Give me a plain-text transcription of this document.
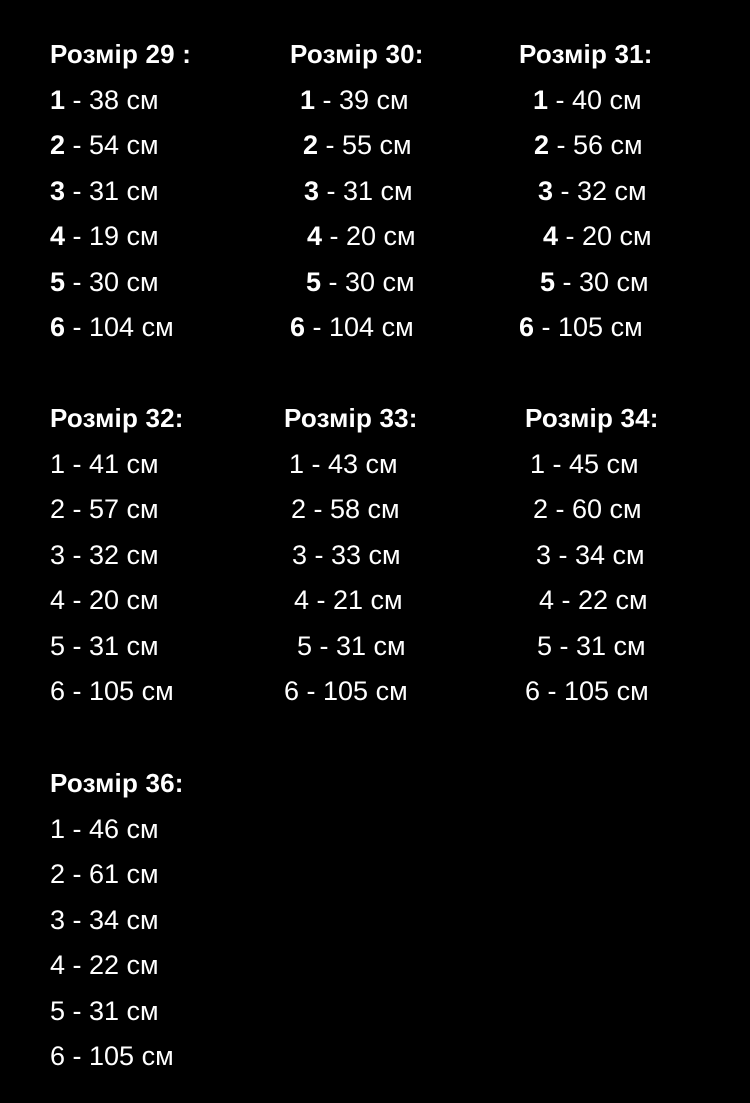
Розмір 29 :
1 - 38 см
2 - 54 см
3 - 31 см
4 - 19 см
5 - 30 см
6 - 104 см
Розмір 30:
1 - 39 см
2 - 55 см
3 - 31 см
4 - 20 см
5 - 30 см
6 - 104 см
Розмір 31:
1 - 40 см
2 - 56 см
3 - 32 см
4 - 20 см
5 - 30 см
6 - 105 см
Розмір 32:
1 - 41 см
2 - 57 см
3 - 32 см
4 - 20 см
5 - 31 см
6 - 105 см
Розмір 33:
1 - 43 см
2 - 58 см
3 - 33 см
4 - 21 см
5 - 31 см
6 - 105 см
Розмір 34:
1 - 45 см
2 - 60 см
3 - 34 см
4 - 22 см
5 - 31 см
6 - 105 см
Розмір 36:
1 - 46 см
2 - 61 см
3 - 34 см
4 - 22 см
5 - 31 см
6 - 105 см
